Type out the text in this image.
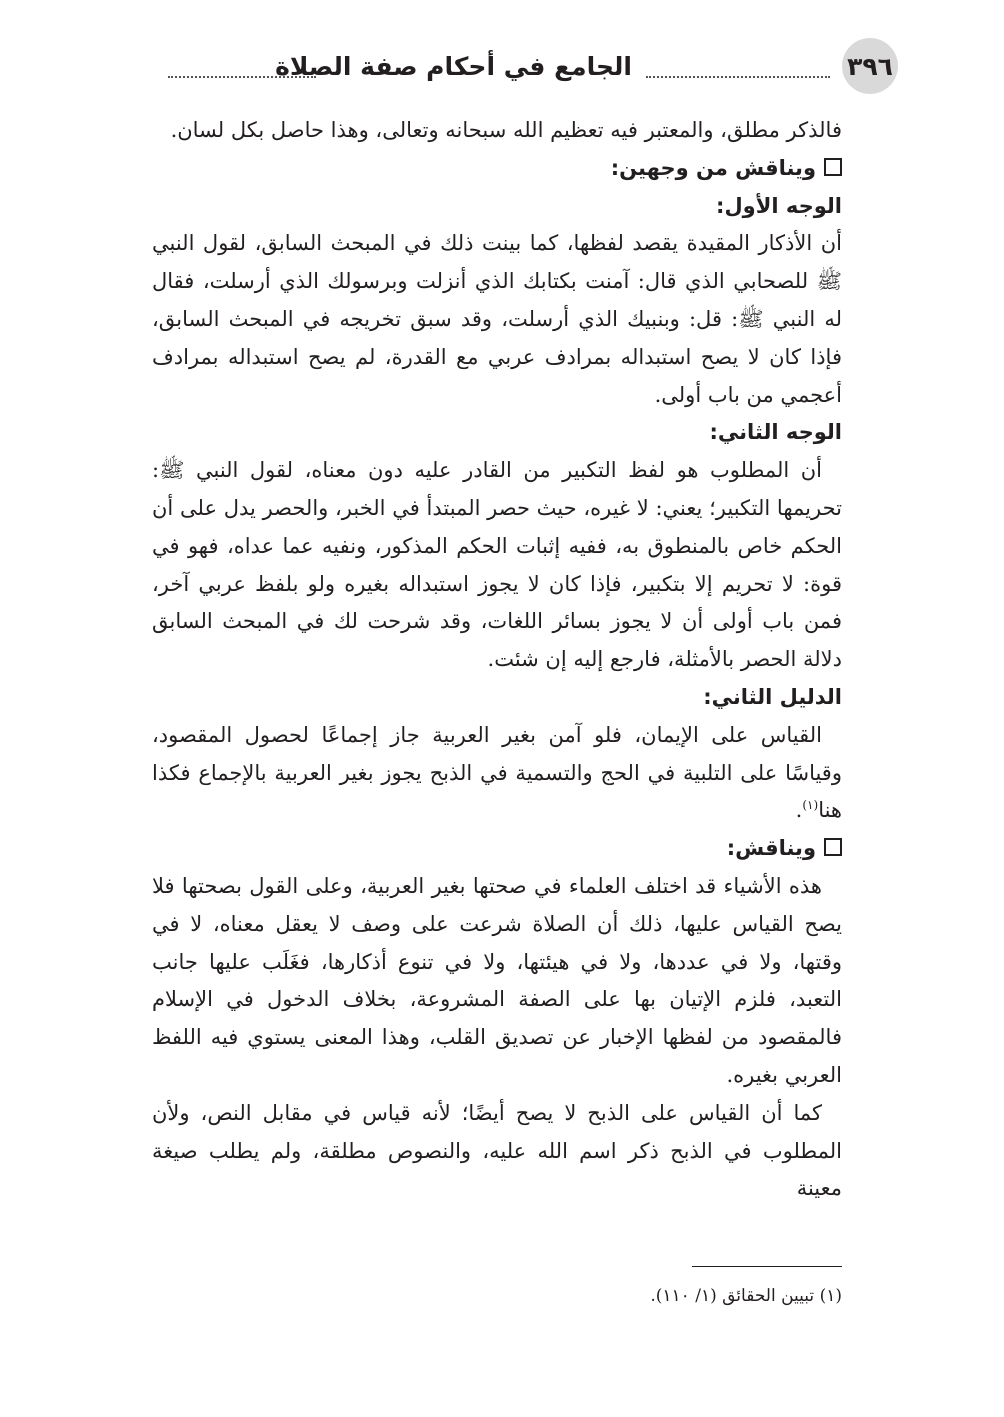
٣٩٦
الجامع في أحكام صفة الصلاة

فالذكر مطلق، والمعتبر فيه تعظيم الله سبحانه وتعالى، وهذا حاصل بكل لسان.

ويناقش من وجهين:
الوجه الأول:

أن الأذكار المقيدة يقصد لفظها، كما بينت ذلك في المبحث السابق، لقول النبي ﷺ للصحابي الذي قال: آمنت بكتابك الذي أنزلت وبرسولك الذي أرسلت، فقال له النبي ﷺ: قل: وبنبيك الذي أرسلت، وقد سبق تخريجه في المبحث السابق، فإذا كان لا يصح استبداله بمرادف عربي مع القدرة، لم يصح استبداله بمرادف أعجمي من باب أولى.

الوجه الثاني:

أن المطلوب هو لفظ التكبير من القادر عليه دون معناه، لقول النبي ﷺ: تحريمها التكبير؛ يعني: لا غيره، حيث حصر المبتدأ في الخبر، والحصر يدل على أن الحكم خاص بالمنطوق به، ففيه إثبات الحكم المذكور، ونفيه عما عداه، فهو في قوة: لا تحريم إلا بتكبير، فإذا كان لا يجوز استبداله بغيره ولو بلفظ عربي آخر، فمن باب أولى أن لا يجوز بسائر اللغات، وقد شرحت لك في المبحث السابق دلالة الحصر بالأمثلة، فارجع إليه إن شئت.

الدليل الثاني:

القياس على الإيمان، فلو آمن بغير العربية جاز إجماعًا لحصول المقصود، وقياسًا على التلبية في الحج والتسمية في الذبح يجوز بغير العربية بالإجماع فكذا هنا$^{(١)}$.

ويناقش:

هذه الأشياء قد اختلف العلماء في صحتها بغير العربية، وعلى القول بصحتها فلا يصح القياس عليها، ذلك أن الصلاة شرعت على وصف لا يعقل معناه، لا في وقتها، ولا في عددها، ولا في هيئتها، ولا في تنوع أذكارها، فغَلَب عليها جانب التعبد، فلزم الإتيان بها على الصفة المشروعة، بخلاف الدخول في الإسلام فالمقصود من لفظها الإخبار عن تصديق القلب، وهذا المعنى يستوي فيه اللفظ العربي بغيره.

كما أن القياس على الذبح لا يصح أيضًا؛ لأنه قياس في مقابل النص، ولأن المطلوب في الذبح ذكر اسم الله عليه، والنصوص مطلقة، ولم يطلب صيغة معينة

(١) تبيين الحقائق (١/ ١١٠).
